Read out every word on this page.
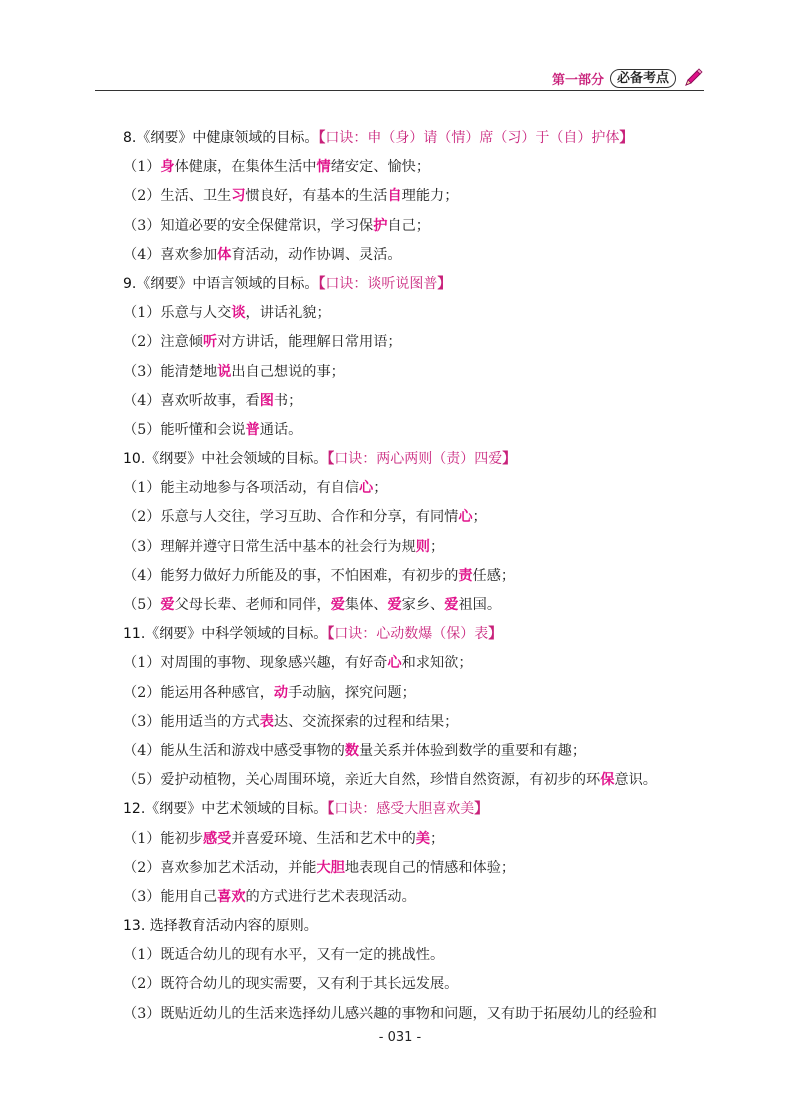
第一部分	必备考点
8.《纲要》中健康领域的目标。【口诀：申（身）请（情）席（习）于（自）护体】
（1）身体健康，在集体生活中情绪安定、愉快；
（2）生活、卫生习惯良好，有基本的生活自理能力；
（3）知道必要的安全保健常识，学习保护自己；
（4）喜欢参加体育活动，动作协调、灵活。
9.《纲要》中语言领域的目标。【口诀：谈听说图普】
（1）乐意与人交谈，讲话礼貌；
（2）注意倾听对方讲话，能理解日常用语；
（3）能清楚地说出自己想说的事；
（4）喜欢听故事，看图书；
（5）能听懂和会说普通话。
10.《纲要》中社会领域的目标。【口诀：两心两则（责）四爱】
（1）能主动地参与各项活动，有自信心；
（2）乐意与人交往，学习互助、合作和分享，有同情心；
（3）理解并遵守日常生活中基本的社会行为规则；
（4）能努力做好力所能及的事，不怕困难，有初步的责任感；
（5）爱父母长辈、老师和同伴，爱集体、爱家乡、爱祖国。
11.《纲要》中科学领域的目标。【口诀：心动数爆（保）表】
（1）对周围的事物、现象感兴趣，有好奇心和求知欲；
（2）能运用各种感官，动手动脑，探究问题；
（3）能用适当的方式表达、交流探索的过程和结果；
（4）能从生活和游戏中感受事物的数量关系并体验到数学的重要和有趣；
（5）爱护动植物，关心周围环境，亲近大自然，珍惜自然资源，有初步的环保意识。
12.《纲要》中艺术领域的目标。【口诀：感受大胆喜欢美】
（1）能初步感受并喜爱环境、生活和艺术中的美；
（2）喜欢参加艺术活动，并能大胆地表现自己的情感和体验；
（3）能用自己喜欢的方式进行艺术表现活动。
13. 选择教育活动内容的原则。
（1）既适合幼儿的现有水平，又有一定的挑战性。
（2）既符合幼儿的现实需要，又有利于其长远发展。
（3）既贴近幼儿的生活来选择幼儿感兴趣的事物和问题，又有助于拓展幼儿的经验和
- 031 -
